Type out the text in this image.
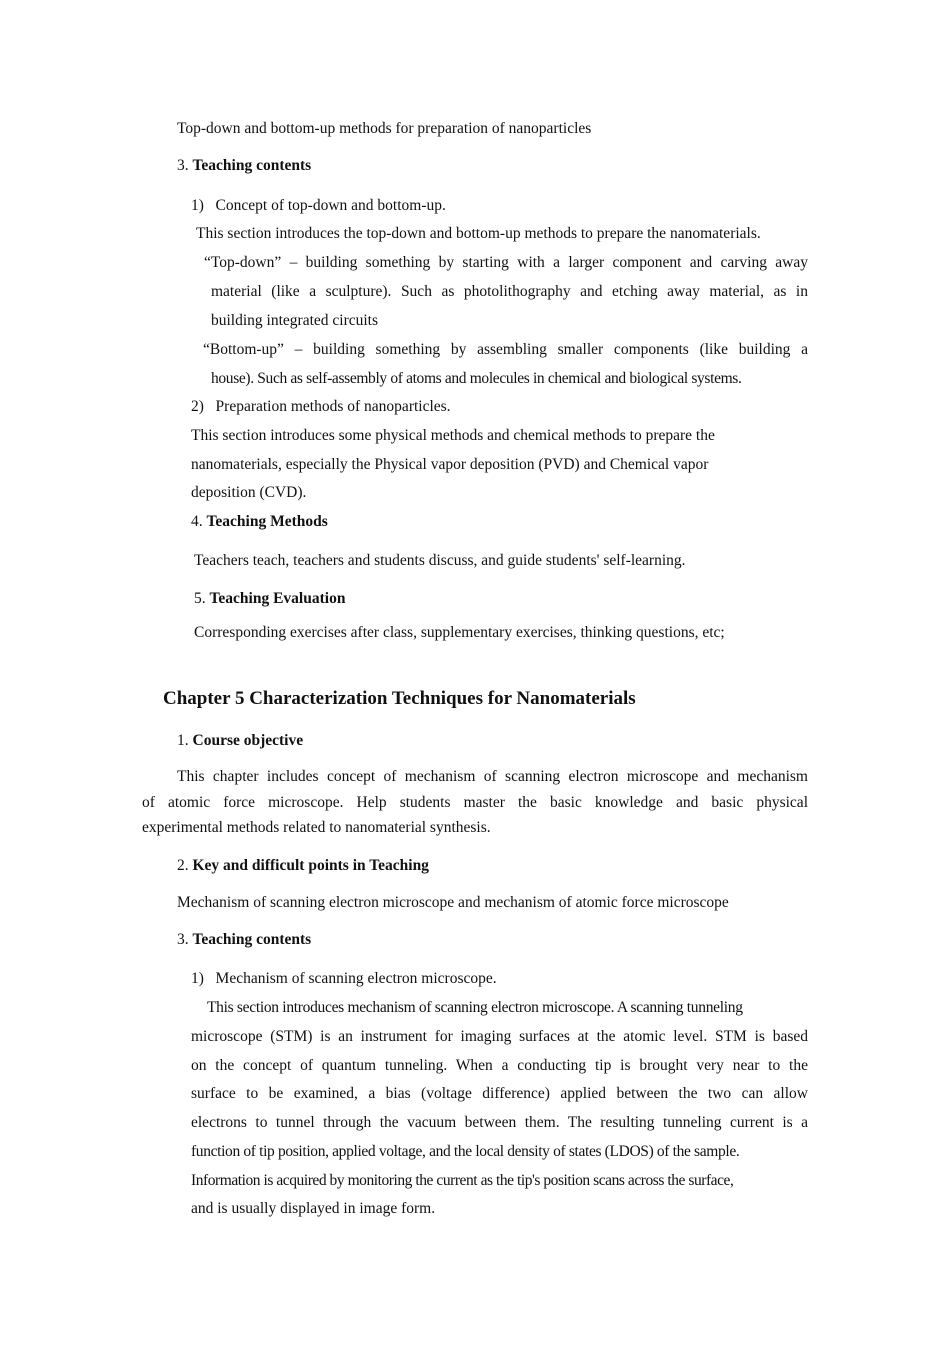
Top-down and bottom-up methods for preparation of nanoparticles
3. Teaching contents
1) Concept of top-down and bottom-up.
This section introduces the top-down and bottom-up methods to prepare the nanomaterials.
“Top-down” – building something by starting with a larger component and carving away
material (like a sculpture). Such as photolithography and etching away material, as in
building integrated circuits
“Bottom-up” – building something by assembling smaller components (like building a
house). Such as self-assembly of atoms and molecules in chemical and biological systems.
2) Preparation methods of nanoparticles.
This section introduces some physical methods and chemical methods to prepare the
nanomaterials, especially the Physical vapor deposition (PVD) and Chemical vapor
deposition (CVD).
4. Teaching Methods
Teachers teach, teachers and students discuss, and guide students' self-learning.
5. Teaching Evaluation
Corresponding exercises after class, supplementary exercises, thinking questions, etc;
Chapter 5 Characterization Techniques for Nanomaterials
1. Course objective
This chapter includes concept of mechanism of scanning electron microscope and mechanism
of atomic force microscope. Help students master the basic knowledge and basic physical
experimental methods related to nanomaterial synthesis.
2. Key and difficult points in Teaching
Mechanism of scanning electron microscope and mechanism of atomic force microscope
3. Teaching contents
1) Mechanism of scanning electron microscope.
This section introduces mechanism of scanning electron microscope. A scanning tunneling
microscope (STM) is an instrument for imaging surfaces at the atomic level. STM is based
on the concept of quantum tunneling. When a conducting tip is brought very near to the
surface to be examined, a bias (voltage difference) applied between the two can allow
electrons to tunnel through the vacuum between them. The resulting tunneling current is a
function of tip position, applied voltage, and the local density of states (LDOS) of the sample.
Information is acquired by monitoring the current as the tip's position scans across the surface,
and is usually displayed in image form.
